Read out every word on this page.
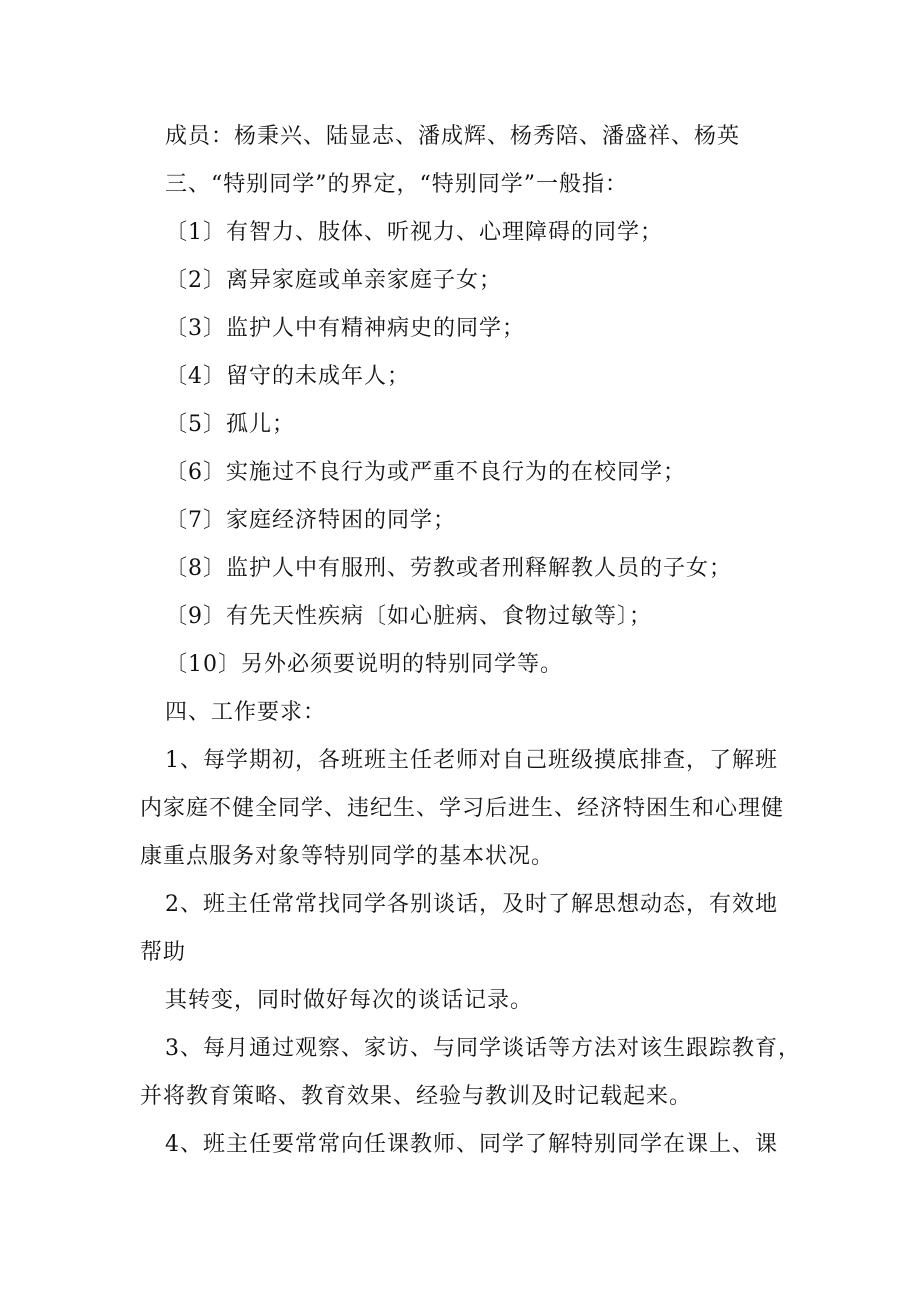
成员：杨秉兴、陆显志、潘成辉、杨秀陪、潘盛祥、杨英
三、“特别同学”的界定，“特别同学”一般指：
〔1〕有智力、肢体、听视力、心理障碍的同学；
〔2〕离异家庭或单亲家庭子女；
〔3〕监护人中有精神病史的同学；
〔4〕留守的未成年人；
〔5〕孤儿；
〔6〕实施过不良行为或严重不良行为的在校同学；
〔7〕家庭经济特困的同学；
〔8〕监护人中有服刑、劳教或者刑释解教人员的子女；
〔9〕有先天性疾病〔如心脏病、食物过敏等〕；
〔10〕另外必须要说明的特别同学等。
四、工作要求：
1、每学期初，各班班主任老师对自己班级摸底排查，了解班
内家庭不健全同学、违纪生、学习后进生、经济特困生和心理健
康重点服务对象等特别同学的基本状况。
2、班主任常常找同学各别谈话，及时了解思想动态，有效地
帮助
其转变，同时做好每次的谈话记录。
3、每月通过观察、家访、与同学谈话等方法对该生跟踪教育，
并将教育策略、教育效果、经验与教训及时记载起来。
4、班主任要常常向任课教师、同学了解特别同学在课上、课
